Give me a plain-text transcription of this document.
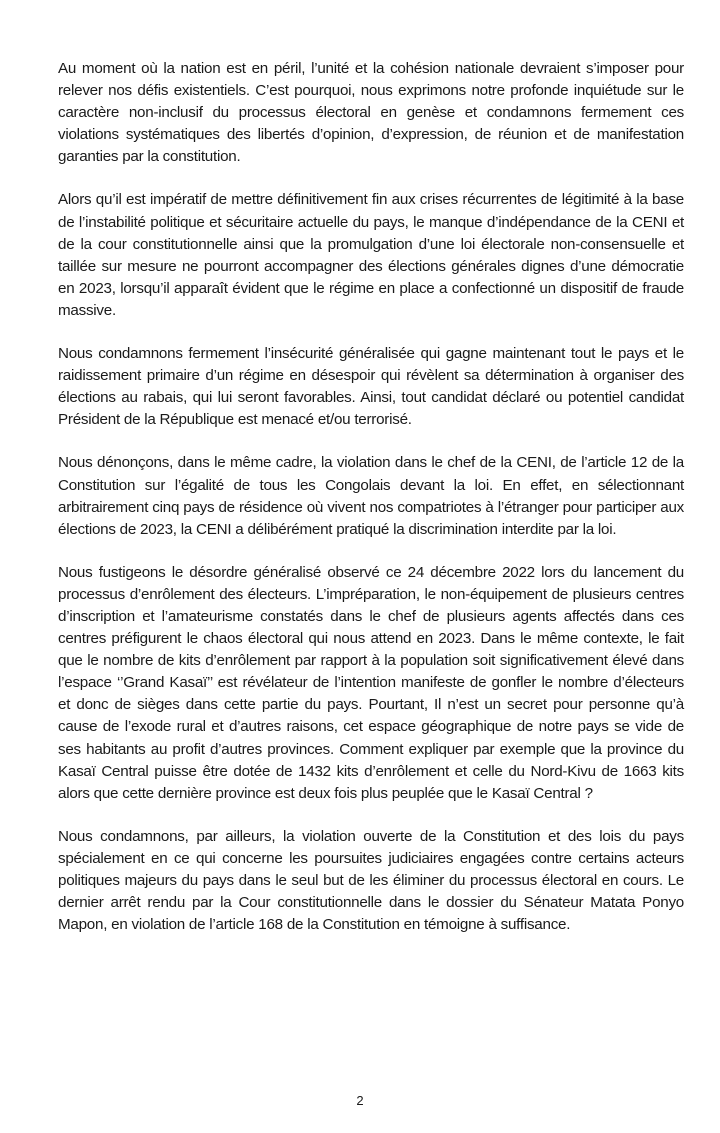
Au moment où la nation est en péril, l’unité et la cohésion nationale devraient s’imposer pour relever nos défis existentiels. C’est pourquoi, nous exprimons notre profonde inquiétude sur le caractère non-inclusif du processus électoral en genèse et condamnons fermement ces violations systématiques des libertés d’opinion, d’expression, de réunion et de manifestation garanties par la constitution.

Alors qu’il est impératif de mettre définitivement fin aux crises récurrentes de légitimité à la base de l’instabilité politique et sécuritaire actuelle du pays, le manque d’indépendance de la CENI et de la cour constitutionnelle ainsi que la promulgation d’une loi électorale non-consensuelle et taillée sur mesure ne pourront accompagner des élections générales dignes d’une démocratie en 2023, lorsqu’il apparaît évident que le régime en place a confectionné un dispositif de fraude massive.

Nous condamnons fermement l’insécurité généralisée qui gagne maintenant tout le pays et le raidissement primaire d’un régime en désespoir qui révèlent sa détermination à organiser des élections au rabais, qui lui seront favorables. Ainsi, tout candidat déclaré ou potentiel candidat Président de la République est menacé et/ou terrorisé.

Nous dénonçons, dans le même cadre, la violation dans le chef de la CENI, de l’article 12 de la Constitution sur l’égalité de tous les Congolais devant la loi. En effet, en sélectionnant arbitrairement cinq pays de résidence où vivent nos compatriotes à l’étranger pour participer aux élections de 2023, la CENI a délibérément pratiqué la discrimination interdite par la loi.

Nous fustigeons le désordre généralisé observé ce 24 décembre 2022 lors du lancement du processus d’enrôlement des électeurs. L’impréparation, le non-équipement de plusieurs centres d’inscription et l’amateurisme constatés dans le chef de plusieurs agents affectés dans ces centres préfigurent le chaos électoral qui nous attend en 2023. Dans le même contexte, le fait que le nombre de kits d’enrôlement par rapport à la population soit significativement élevé dans l’espace ‘’Grand Kasaï’’ est révélateur de l’intention manifeste de gonfler le nombre d’électeurs et donc de sièges dans cette partie du pays. Pourtant, Il n’est un secret pour personne qu’à cause de l’exode rural et d’autres raisons, cet espace géographique de notre pays se vide de ses habitants au profit d’autres provinces. Comment expliquer par exemple que la province du Kasaï Central puisse être dotée de 1432 kits d’enrôlement et celle du Nord-Kivu de 1663 kits alors que cette dernière province est deux fois plus peuplée que le Kasaï Central ?

Nous condamnons, par ailleurs, la violation ouverte de la Constitution et des lois du pays spécialement en ce qui concerne les poursuites judiciaires engagées contre certains acteurs politiques majeurs du pays dans le seul but de les éliminer du processus électoral en cours. Le dernier arrêt rendu par la Cour constitutionnelle dans le dossier du Sénateur Matata Ponyo Mapon, en violation de l’article 168 de la Constitution en témoigne à suffisance.

2
